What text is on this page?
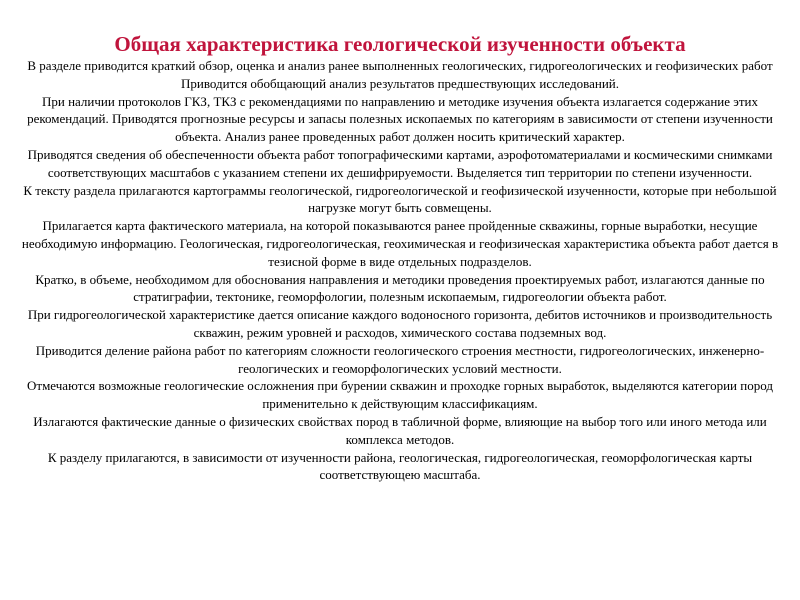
Общая характеристика геологической изученности объекта

В разделе приводится краткий обзор, оценка и анализ ранее выполненных геологических, гидрогеологических и геофизических работ

Приводится обобщающий анализ результатов предшествующих исследований.

При наличии протоколов ГКЗ, ТКЗ с рекомендациями по направлению и методике изучения объекта излагается содержание этих рекомендаций. Приводятся прогнозные ресурсы и запасы полезных ископаемых по категориям в зависимости от степени изученности объекта. Анализ ранее проведенных работ должен носить критический характер.

Приводятся сведения об обеспеченности объекта работ топографическими картами, аэрофотоматериалами и космическими снимками соответствующих масштабов с указанием степени их дешифрируемости. Выделяется тип территории по степени изученности.

К тексту раздела прилагаются картограммы геологической, гидрогеологической и геофизической изученности, которые при небольшой нагрузке могут быть совмещены.

Прилагается карта фактического материала, на которой показываются ранее пройденные скважины, горные выработки, несущие необходимую информацию. Геологическая, гидрогеологическая, геохимическая и геофизическая характеристика объекта работ дается в тезисной форме в виде отдельных подразделов.

Кратко, в объеме, необходимом для обоснования направления и методики проведения проектируемых работ, излагаются данные по стратиграфии, тектонике, геоморфологии, полезным ископаемым, гидрогеологии объекта работ.

При гидрогеологической характеристике дается описание каждого водоносного горизонта, дебитов источников и производительность скважин, режим уровней и расходов, химического состава подземных вод.

Приводится деление района работ по категориям сложности геологического строения местности, гидрогеологических, инженерно-геологических и геоморфологических условий местности.

Отмечаются возможные геологические осложнения при бурении скважин и проходке горных выработок, выделяются категории пород применительно к действующим классификациям.

Излагаются фактические данные о физических свойствах пород в табличной форме, влияющие на выбор того или иного метода или комплекса методов.

К разделу прилагаются, в зависимости от изученности района, геологическая, гидрогеологическая, геоморфологическая карты соответствующею масштаба.
